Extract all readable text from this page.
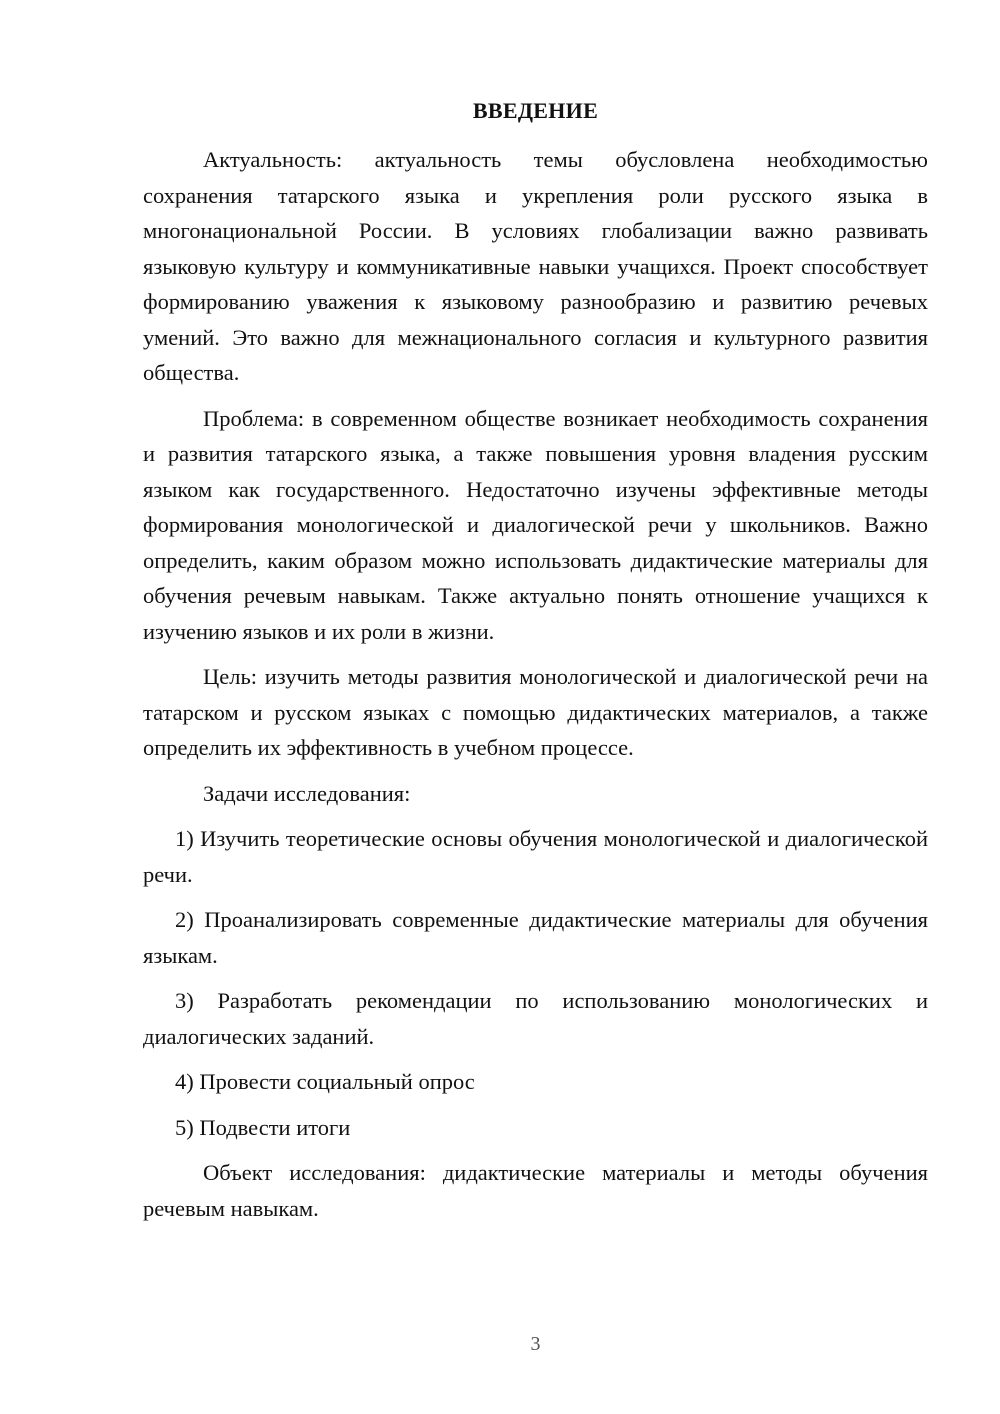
ВВЕДЕНИЕ

Актуальность: актуальность темы обусловлена необходимостью сохранения татарского языка и укрепления роли русского языка в многонациональной России. В условиях глобализации важно развивать языковую культуру и коммуникативные навыки учащихся. Проект способствует формированию уважения к языковому разнообразию и развитию речевых умений. Это важно для межнационального согласия и культурного развития общества.

Проблема: в современном обществе возникает необходимость сохранения и развития татарского языка, а также повышения уровня владения русским языком как государственного. Недостаточно изучены эффективные методы формирования монологической и диалогической речи у школьников. Важно определить, каким образом можно использовать дидактические материалы для обучения речевым навыкам. Также актуально понять отношение учащихся к изучению языков и их роли в жизни.

Цель: изучить методы развития монологической и диалогической речи на татарском и русском языках с помощью дидактических материалов, а также определить их эффективность в учебном процессе.

Задачи исследования:

1) Изучить теоретические основы обучения монологической и диалогической речи.

2) Проанализировать современные дидактические материалы для обучения языкам.

3) Разработать рекомендации по использованию монологических и диалогических заданий.

4) Провести социальный опрос

5) Подвести итоги

Объект исследования: дидактические материалы и методы обучения речевым навыкам.

3
